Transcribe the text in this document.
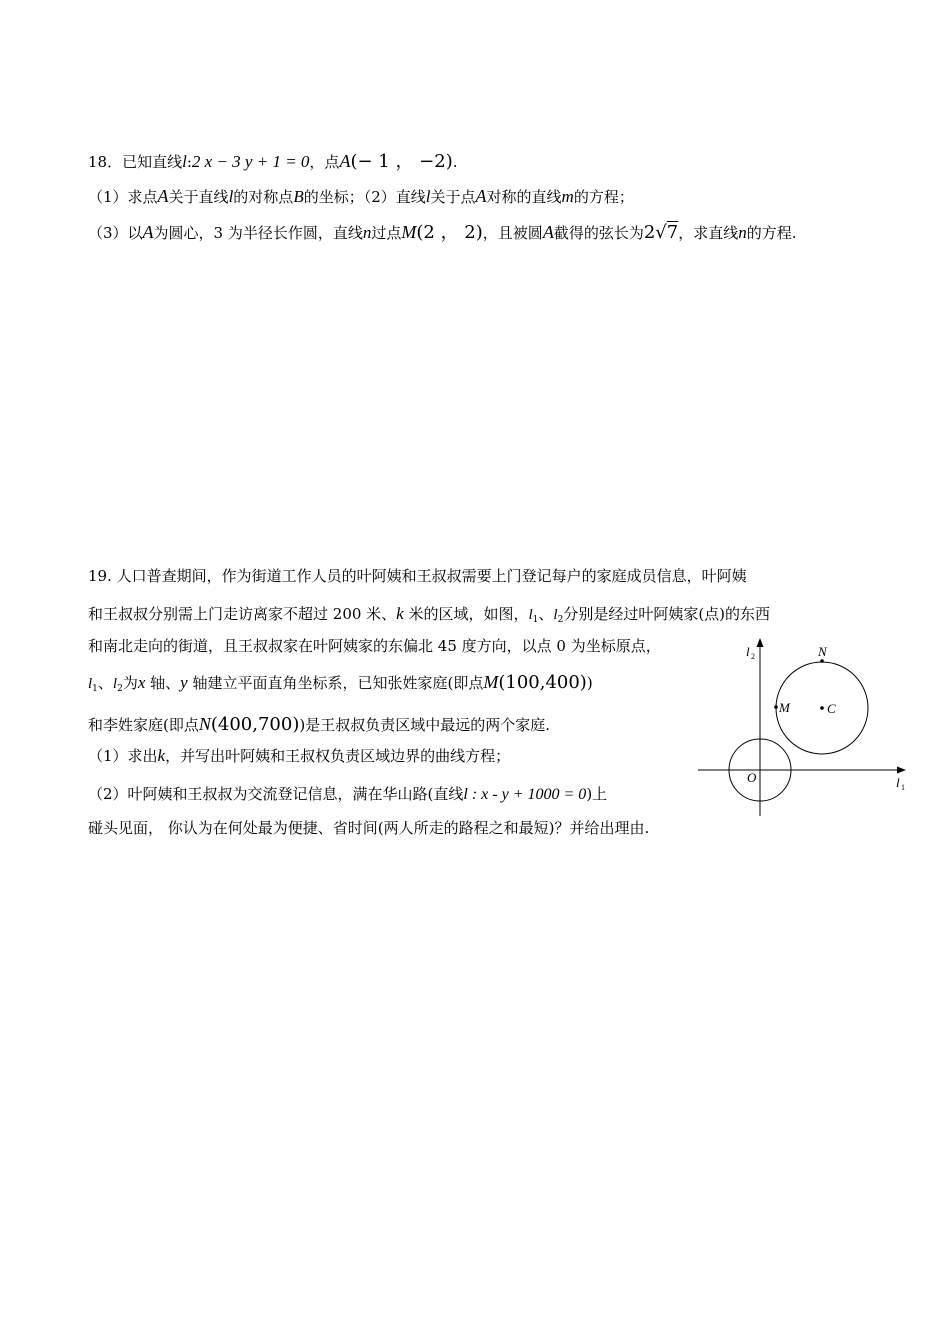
18．已知直线l:2 x − 3 y + 1 = 0，点A(− 1 ， −2).
（1）求点A关于直线l的对称点B的坐标；（2）直线l关于点A对称的直线m的方程；
（3）以A为圆心，3 为半径长作圆，直线n过点M(2 ， 2)，且被圆A截得的弦长为2√7，求直线n的方程.
19. 人口普查期间，作为街道工作人员的叶阿姨和王叔叔需要上门登记每户的家庭成员信息，叶阿姨
和王叔叔分别需上门走访离家不超过 200 米、k 米的区域，如图，$l_1$、$l_2$分别是经过叶阿姨家(点)的东西
和南北走向的街道，且王叔叔家在叶阿姨家的东偏北 45 度方向，以点 0 为坐标原点，
$l_1$、$l_2$为x 轴、y 轴建立平面直角坐标系，已知张姓家庭(即点M(100,400))
和李姓家庭(即点N(400,700))是王叔叔负责区域中最远的两个家庭.
（1）求出k，并写出叶阿姨和王叔权负责区域边界的曲线方程；
（2）叶阿姨和王叔叔为交流登记信息，满在华山路(直线l : x - y + 1000 = 0)上
碰头见面， 你认为在何处最为便捷、省时间(两人所走的路程之和最短)？并给出理由.
l 2
l 1
O
N
M	C
